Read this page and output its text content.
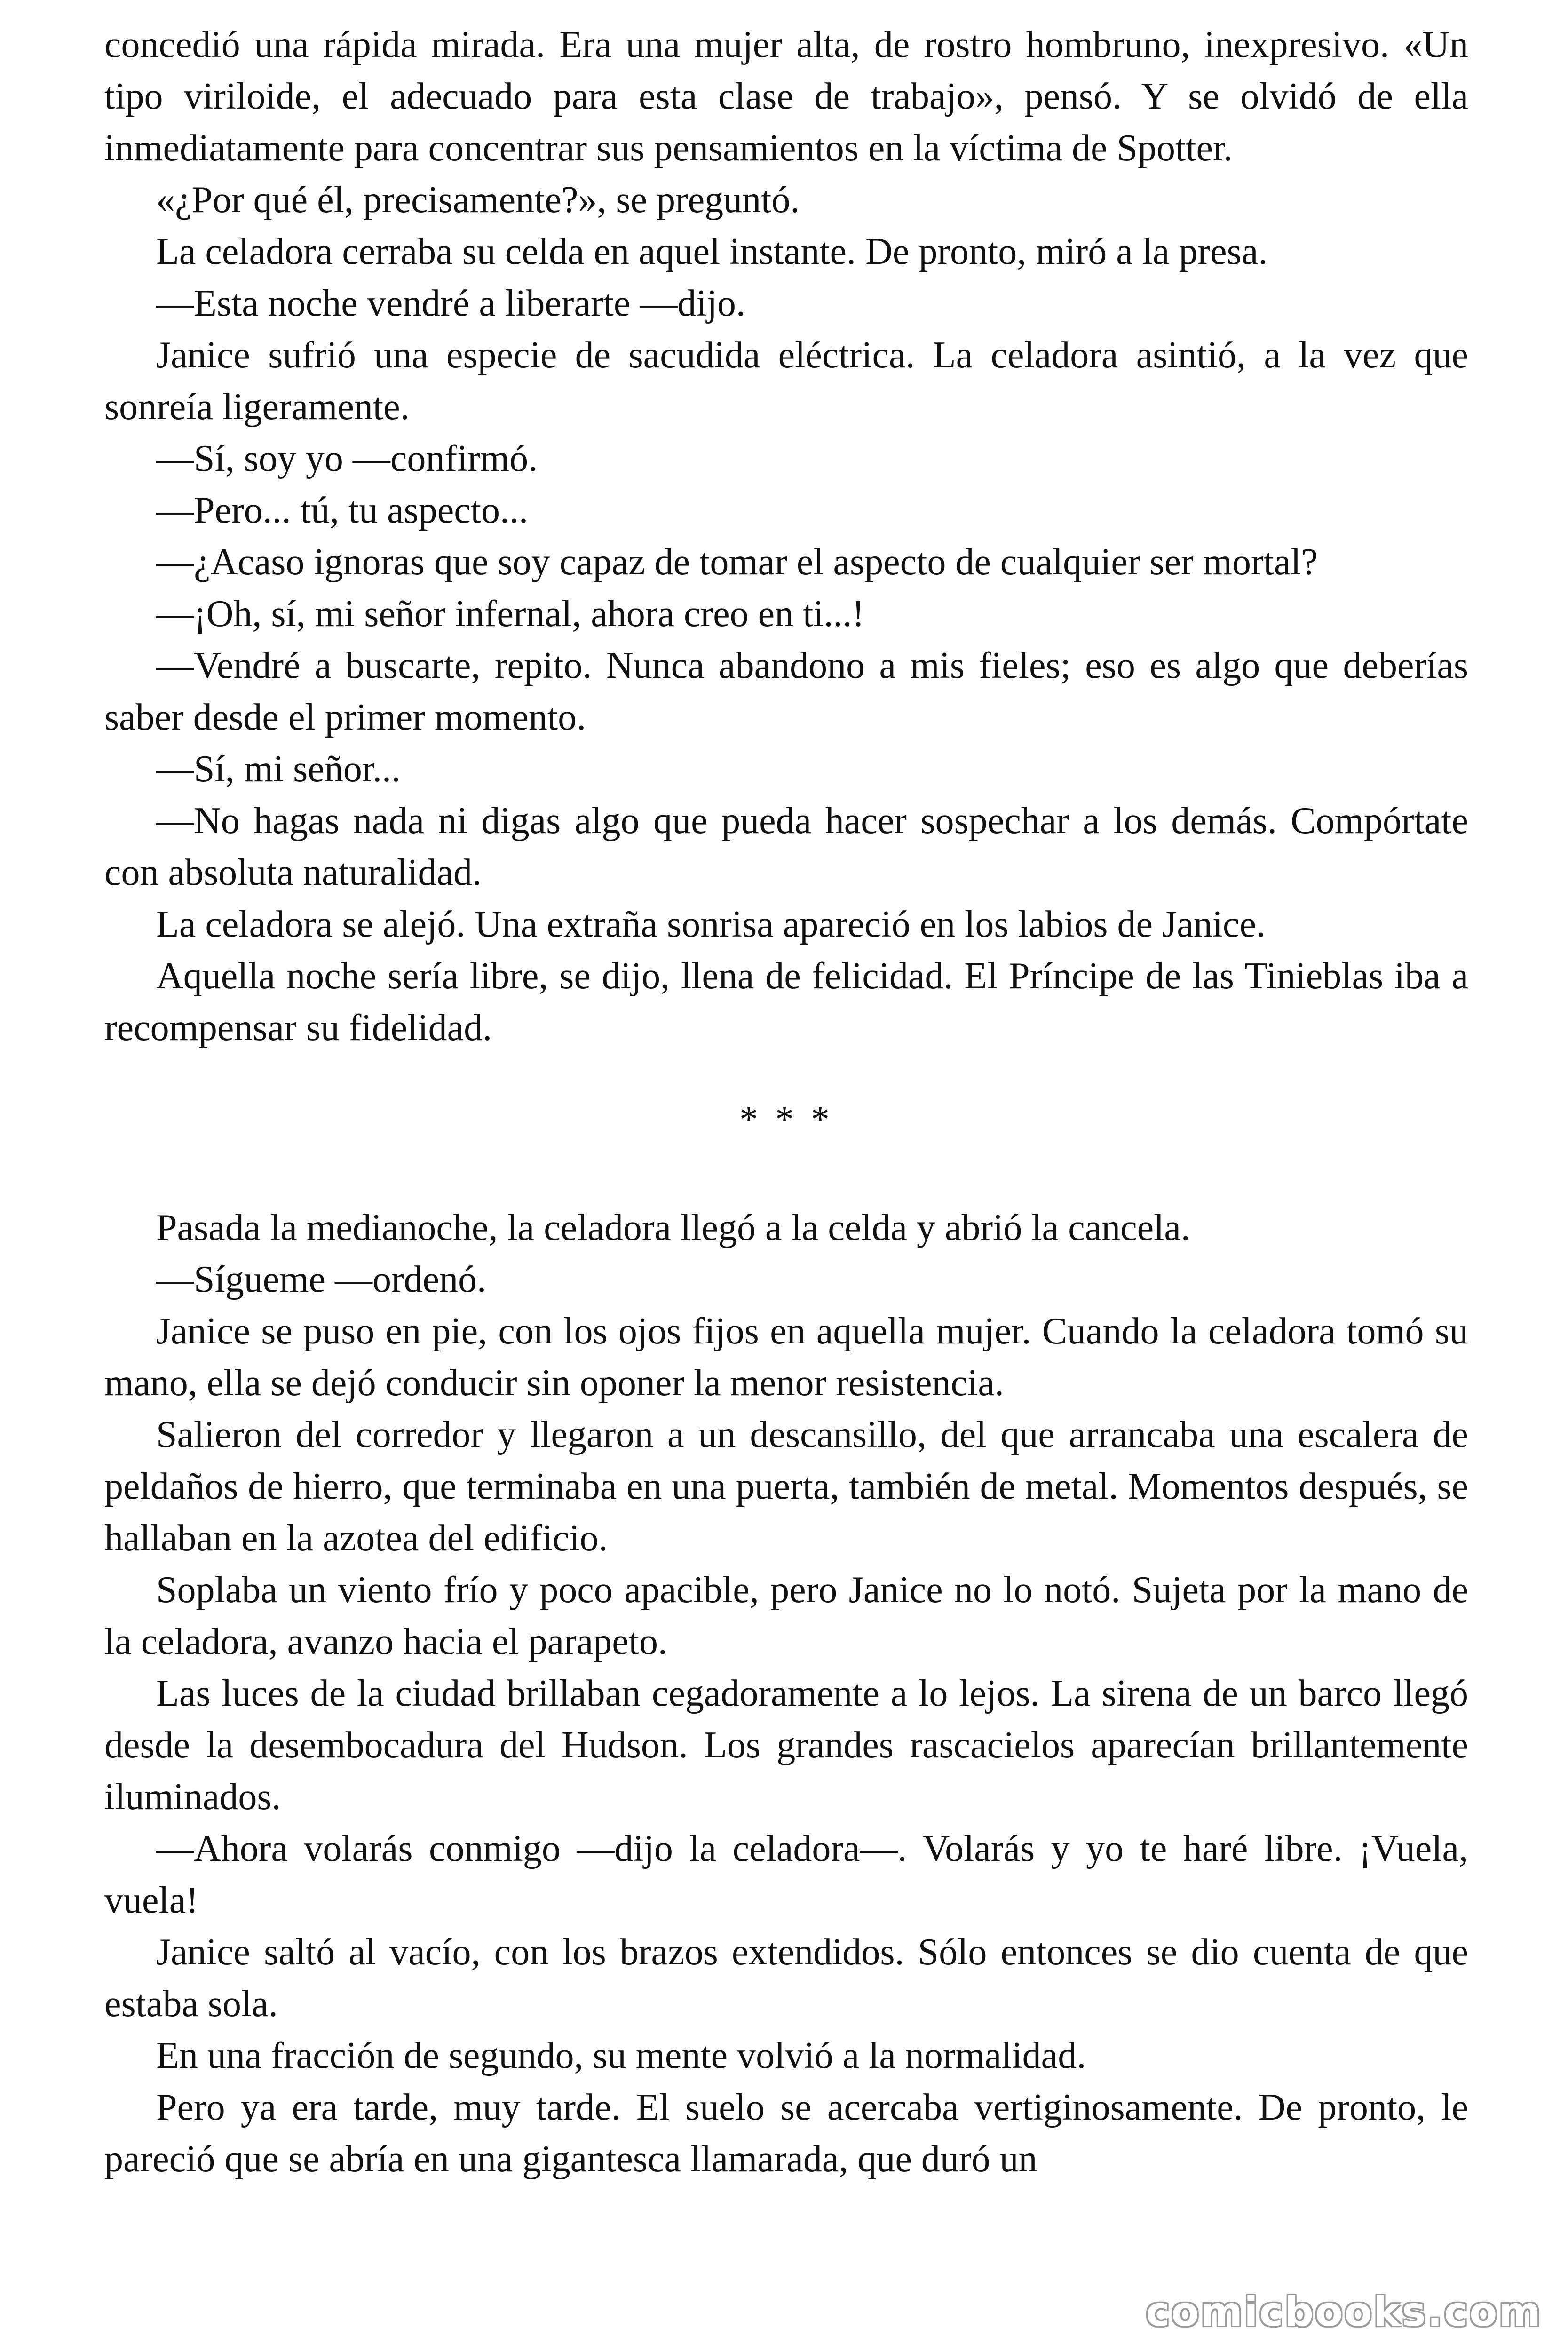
concedió una rápida mirada. Era una mujer alta, de rostro hombruno, inexpresivo. «Un tipo viriloide, el adecuado para esta clase de trabajo», pensó. Y se olvidó de ella inmediatamente para concentrar sus pensamientos en la víctima de Spotter.

«¿Por qué él, precisamente?», se preguntó.

La celadora cerraba su celda en aquel instante. De pronto, miró a la presa.

—Esta noche vendré a liberarte —dijo.

Janice sufrió una especie de sacudida eléctrica. La celadora asintió, a la vez que sonreía ligeramente.

—Sí, soy yo —confirmó.

—Pero... tú, tu aspecto...

—¿Acaso ignoras que soy capaz de tomar el aspecto de cualquier ser mortal?

—¡Oh, sí, mi señor infernal, ahora creo en ti...!

—Vendré a buscarte, repito. Nunca abandono a mis fieles; eso es algo que deberías saber desde el primer momento.

—Sí, mi señor...

—No hagas nada ni digas algo que pueda hacer sospechar a los demás. Compórtate con absoluta naturalidad.

La celadora se alejó. Una extraña sonrisa apareció en los labios de Janice.

Aquella noche sería libre, se dijo, llena de felicidad. El Príncipe de las Tinieblas iba a recompensar su fidelidad.

* * *

Pasada la medianoche, la celadora llegó a la celda y abrió la cancela.

—Sígueme —ordenó.

Janice se puso en pie, con los ojos fijos en aquella mujer. Cuando la celadora tomó su mano, ella se dejó conducir sin oponer la menor resistencia.

Salieron del corredor y llegaron a un descansillo, del que arrancaba una escalera de peldaños de hierro, que terminaba en una puerta, también de metal. Momentos después, se hallaban en la azotea del edificio.

Soplaba un viento frío y poco apacible, pero Janice no lo notó. Sujeta por la mano de la celadora, avanzo hacia el parapeto.

Las luces de la ciudad brillaban cegadoramente a lo lejos. La sirena de un barco llegó desde la desembocadura del Hudson. Los grandes rascacielos aparecían brillantemente iluminados.

—Ahora volarás conmigo —dijo la celadora—. Volarás y yo te haré libre. ¡Vuela, vuela!

Janice saltó al vacío, con los brazos extendidos. Sólo entonces se dio cuenta de que estaba sola.

En una fracción de segundo, su mente volvió a la normalidad.

Pero ya era tarde, muy tarde. El suelo se acercaba vertiginosamente. De pronto, le pareció que se abría en una gigantesca llamarada, que duró un

comicbooks.com
